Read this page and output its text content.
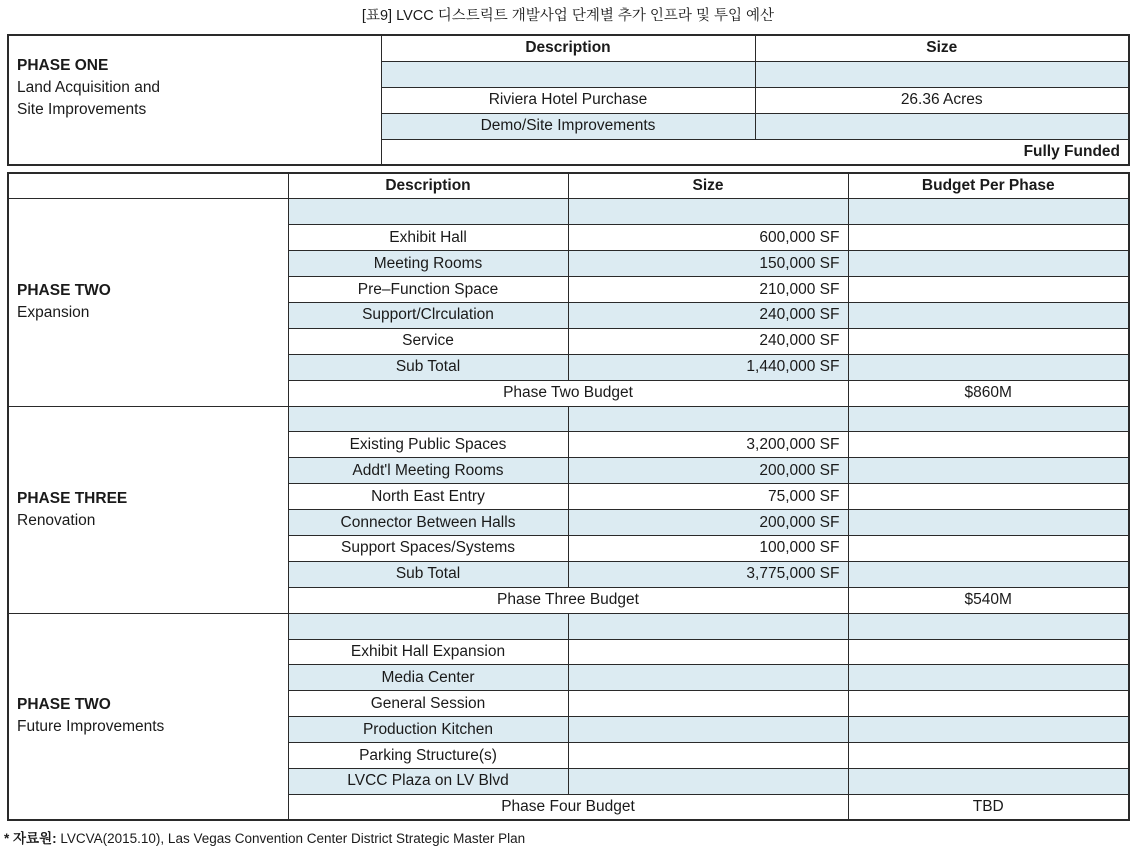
[표9] LVCC 디스트릭트 개발사업 단계별 추가 인프라 및 투입 예산
PHASE ONE
Land Acquisition and
Site Improvements	Description	Size

	Riviera Hotel Purchase	26.36 Acres
	Demo/Site Improvements	
	Fully Funded	
	Description	Size	Budget Per Phase

PHASE TWO
Expansion			

	Exhibit Hall	600,000 SF	
	Meeting Rooms	150,000 SF	
	Pre–Function Space	210,000 SF	
	Support/Clrculation	240,000 SF	
	Service	240,000 SF	
	Sub Total	1,440,000 SF	
	Phase Two Budget		$860M

PHASE THREE
Renovation			

	Existing Public Spaces	3,200,000 SF	
	Addt'l Meeting Rooms	200,000 SF	
	North East Entry	75,000 SF	
	Connector Between Halls	200,000 SF	
	Support Spaces/Systems	100,000 SF	
	Sub Total	3,775,000 SF	
	Phase Three Budget		$540M

PHASE TWO
Future Improvements			

	Exhibit Hall Expansion		
	Media Center		
	General Session		
	Production Kitchen		
	Parking Structure(s)		
	LVCC Plaza on LV Blvd		
	Phase Four Budget		TBD
* 자료원: LVCVA(2015.10), Las Vegas Convention Center District Strategic Master Plan
